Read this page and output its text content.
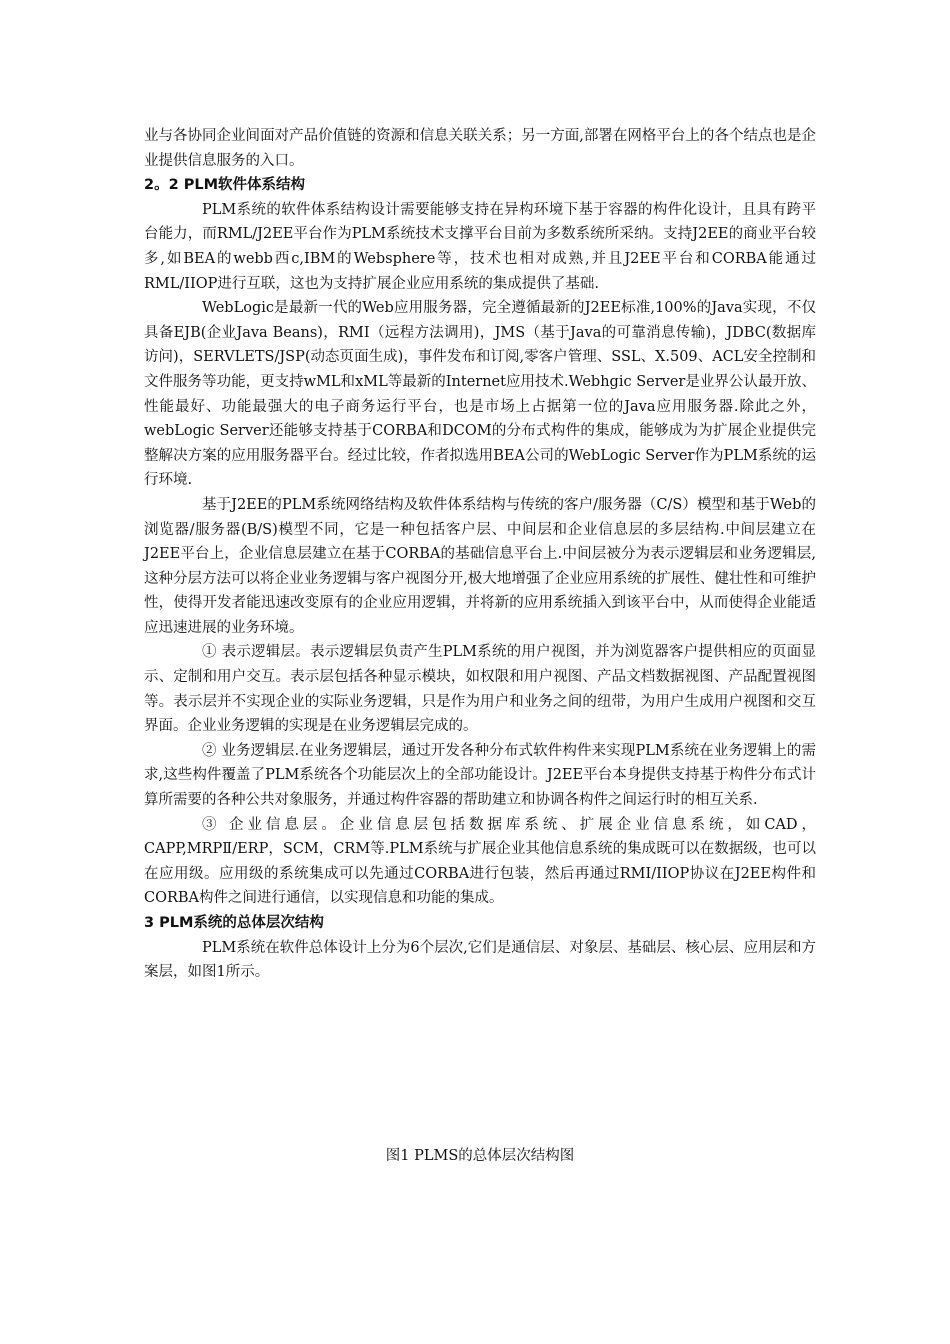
业与各协同企业间面对产品价值链的资源和信息关联关系；另一方面,部署在网格平台上的各个结点也是企业提供信息服务的入口。

2。2 PLM软件体系结构

PLM系统的软件体系结构设计需要能够支持在异构环境下基于容器的构件化设计，且具有跨平台能力，而RML/J2EE平台作为PLM系统技术支撑平台目前为多数系统所采纳。支持J2EE的商业平台较多,如BEA的webb西c,IBM的Websphere等，技术也相对成熟,并且J2EE平台和CORBA能通过RML/IIOP进行互联，这也为支持扩展企业应用系统的集成提供了基础.

WebLogic是最新一代的Web应用服务器，完全遵循最新的J2EE标准,100%的Java实现，不仅具备EJB(企业Java Beans)，RMI（远程方法调用)，JMS（基于Java的可靠消息传输)，JDBC(数据库访问)，SERVLETS/JSP(动态页面生成)，事件发布和订阅,零客户管理、SSL、X.509、ACL安全控制和文件服务等功能，更支持wML和xML等最新的Internet应用技术.Webhgic Server是业界公认最开放、性能最好、功能最强大的电子商务运行平台，也是市场上占据第一位的Java应用服务器.除此之外，webLogic Server还能够支持基于CORBA和DCOM的分布式构件的集成，能够成为为扩展企业提供完整解决方案的应用服务器平台。经过比较，作者拟选用BEA公司的WebLogic Server作为PLM系统的运行环境.

基于J2EE的PLM系统网络结构及软件体系结构与传统的客户/服务器（C/S）模型和基于Web的浏览器/服务器(B/S)模型不同，它是一种包括客户层、中间层和企业信息层的多层结构.中间层建立在J2EE平台上，企业信息层建立在基于CORBA的基础信息平台上.中间层被分为表示逻辑层和业务逻辑层,这种分层方法可以将企业业务逻辑与客户视图分开,极大地增强了企业应用系统的扩展性、健壮性和可维护性，使得开发者能迅速改变原有的企业应用逻辑，并将新的应用系统插入到该平台中，从而使得企业能适应迅速进展的业务环境。

① 表示逻辑层。表示逻辑层负责产生PLM系统的用户视图，并为浏览器客户提供相应的页面显示、定制和用户交互。表示层包括各种显示模块，如权限和用户视图、产品文档数据视图、产品配置视图等。表示层并不实现企业的实际业务逻辑，只是作为用户和业务之间的纽带，为用户生成用户视图和交互界面。企业业务逻辑的实现是在业务逻辑层完成的。

② 业务逻辑层.在业务逻辑层，通过开发各种分布式软件构件来实现PLM系统在业务逻辑上的需求,这些构件覆盖了PLM系统各个功能层次上的全部功能设计。J2EE平台本身提供支持基于构件分布式计算所需要的各种公共对象服务，并通过构件容器的帮助建立和协调各构件之间运行时的相互关系.

③ 企业信息层。企业信息层包括数据库系统、扩展企业信息系统，如CAD，CAPP,MRPⅡ/ERP，SCM，CRM等.PLM系统与扩展企业其他信息系统的集成既可以在数据级，也可以在应用级。应用级的系统集成可以先通过CORBA进行包装，然后再通过RMI/IIOP协议在J2EE构件和CORBA构件之间进行通信，以实现信息和功能的集成。

3 PLM系统的总体层次结构

PLM系统在软件总体设计上分为6个层次,它们是通信层、对象层、基础层、核心层、应用层和方案层，如图1所示。

图1 PLMS的总体层次结构图
